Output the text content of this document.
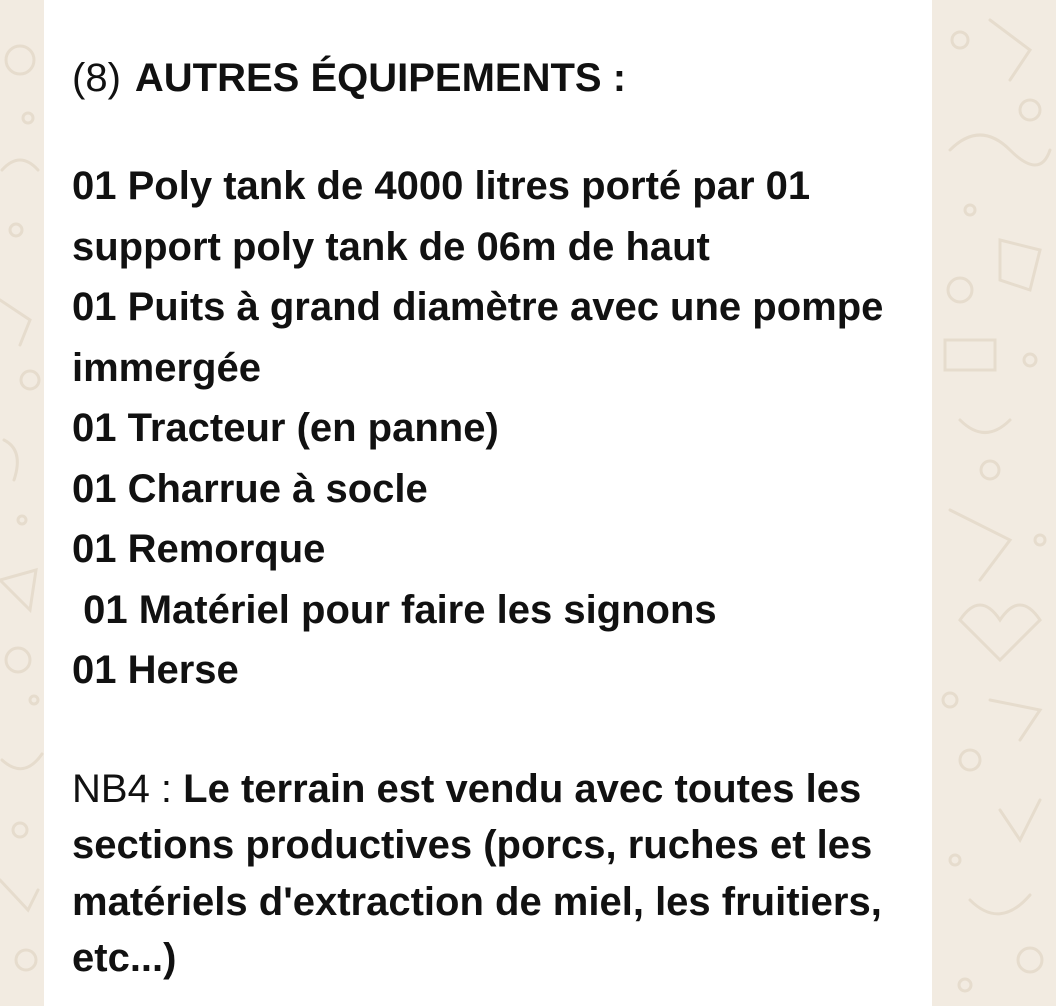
(8) AUTRES ÉQUIPEMENTS :
01 Poly tank de 4000 litres porté par 01 support poly tank de 06m de haut
01 Puits à grand diamètre avec une pompe immergée
01 Tracteur (en panne)
01 Charrue à socle
01 Remorque
01 Matériel pour faire les signons
01 Herse

NB4 : Le terrain est vendu avec toutes les sections productives (porcs, ruches et les matériels d'extraction de miel, les fruitiers, etc...)
